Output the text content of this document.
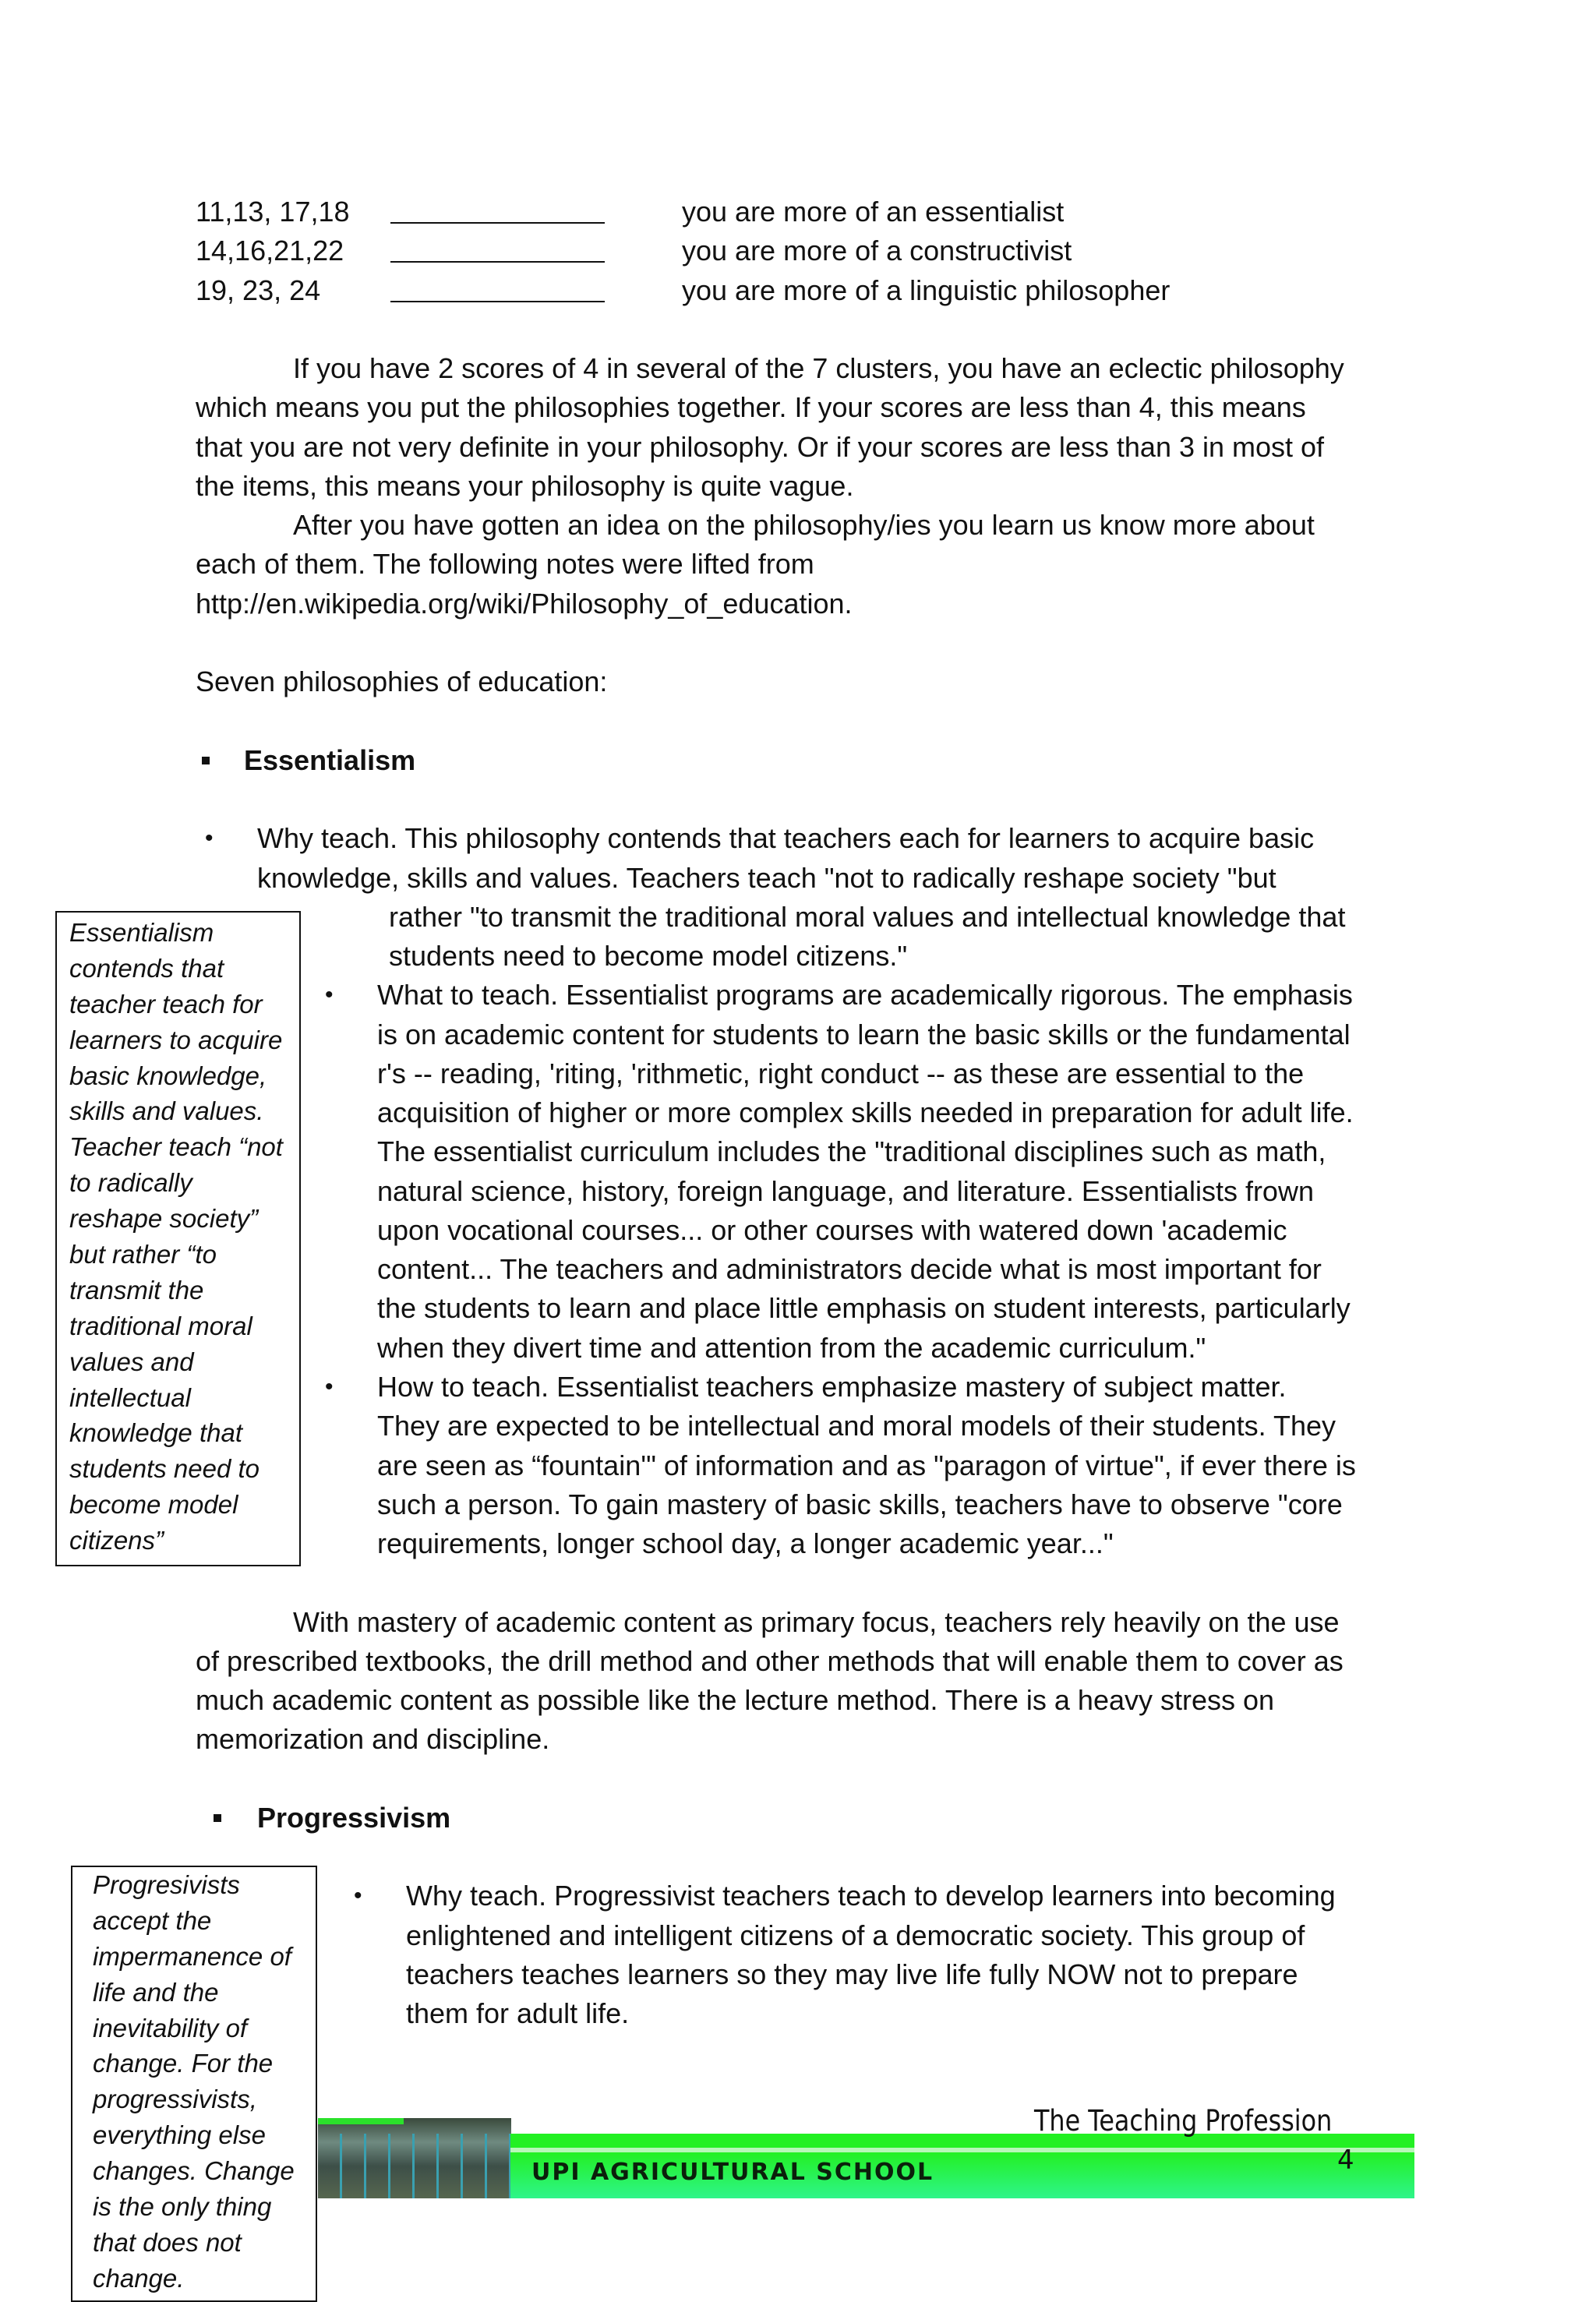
11,13, 17,18	you are more of an essentialist
14,16,21,22	you are more of a constructivist
19, 23, 24	you are more of a linguistic philosopher
If you have 2 scores of 4 in several of the 7 clusters, you have an eclectic philosophy
which means you put the philosophies together. If your scores are less than 4, this means
that you are not very definite in your philosophy. Or if your scores are less than 3 in most of
the items, this means your philosophy is quite vague.
After you have gotten an idea on the philosophy/ies you learn us know more about
each of them. The following notes were lifted from
http://en.wikipedia.org/wiki/Philosophy_of_education.
Seven philosophies of education:
Essentialism
• Why teach. This philosophy contends that teachers each for learners to acquire basic
knowledge, skills and values. Teachers teach "not to radically reshape society "but
rather "to transmit the traditional moral values and intellectual knowledge that
students need to become model citizens."
• What to teach. Essentialist programs are academically rigorous. The emphasis
is on academic content for students to learn the basic skills or the fundamental
r's -- reading, 'riting, 'rithmetic, right conduct -- as these are essential to the
acquisition of higher or more complex skills needed in preparation for adult life.
The essentialist curriculum includes the "traditional disciplines such as math,
natural science, history, foreign language, and literature. Essentialists frown
upon vocational courses... or other courses with watered down 'academic
content... The teachers and administrators decide what is most important for
the students to learn and place little emphasis on student interests, particularly
when they divert time and attention from the academic curriculum."
• How to teach. Essentialist teachers emphasize mastery of subject matter.
They are expected to be intellectual and moral models of their students. They
are seen as “fountain'" of information and as "paragon of virtue", if ever there is
such a person. To gain mastery of basic skills, teachers have to observe "core
requirements, longer school day, a longer academic year..."
With mastery of academic content as primary focus, teachers rely heavily on the use
of prescribed textbooks, the drill method and other methods that will enable them to cover as
much academic content as possible like the lecture method. There is a heavy stress on
memorization and discipline.
Progressivism
• Why teach. Progressivist teachers teach to develop learners into becoming
enlightened and intelligent citizens of a democratic society. This group of
teachers teaches learners so they may live life fully NOW not to prepare
them for adult life.
Essentialism
contends that
teacher teach for
learners to acquire
basic knowledge,
skills and values.
Teacher teach “not
to radically
reshape society”
but rather “to
transmit the
traditional moral
values and
intellectual
knowledge that
students need to
become model
citizens”
Progresivists
accept the
impermanence of
life and the
inevitability of
change. For the
progressivists,
everything else
changes. Change
is the only thing
that does not
change.
UPI AGRICULTURAL SCHOOL
The Teaching Profession
4
